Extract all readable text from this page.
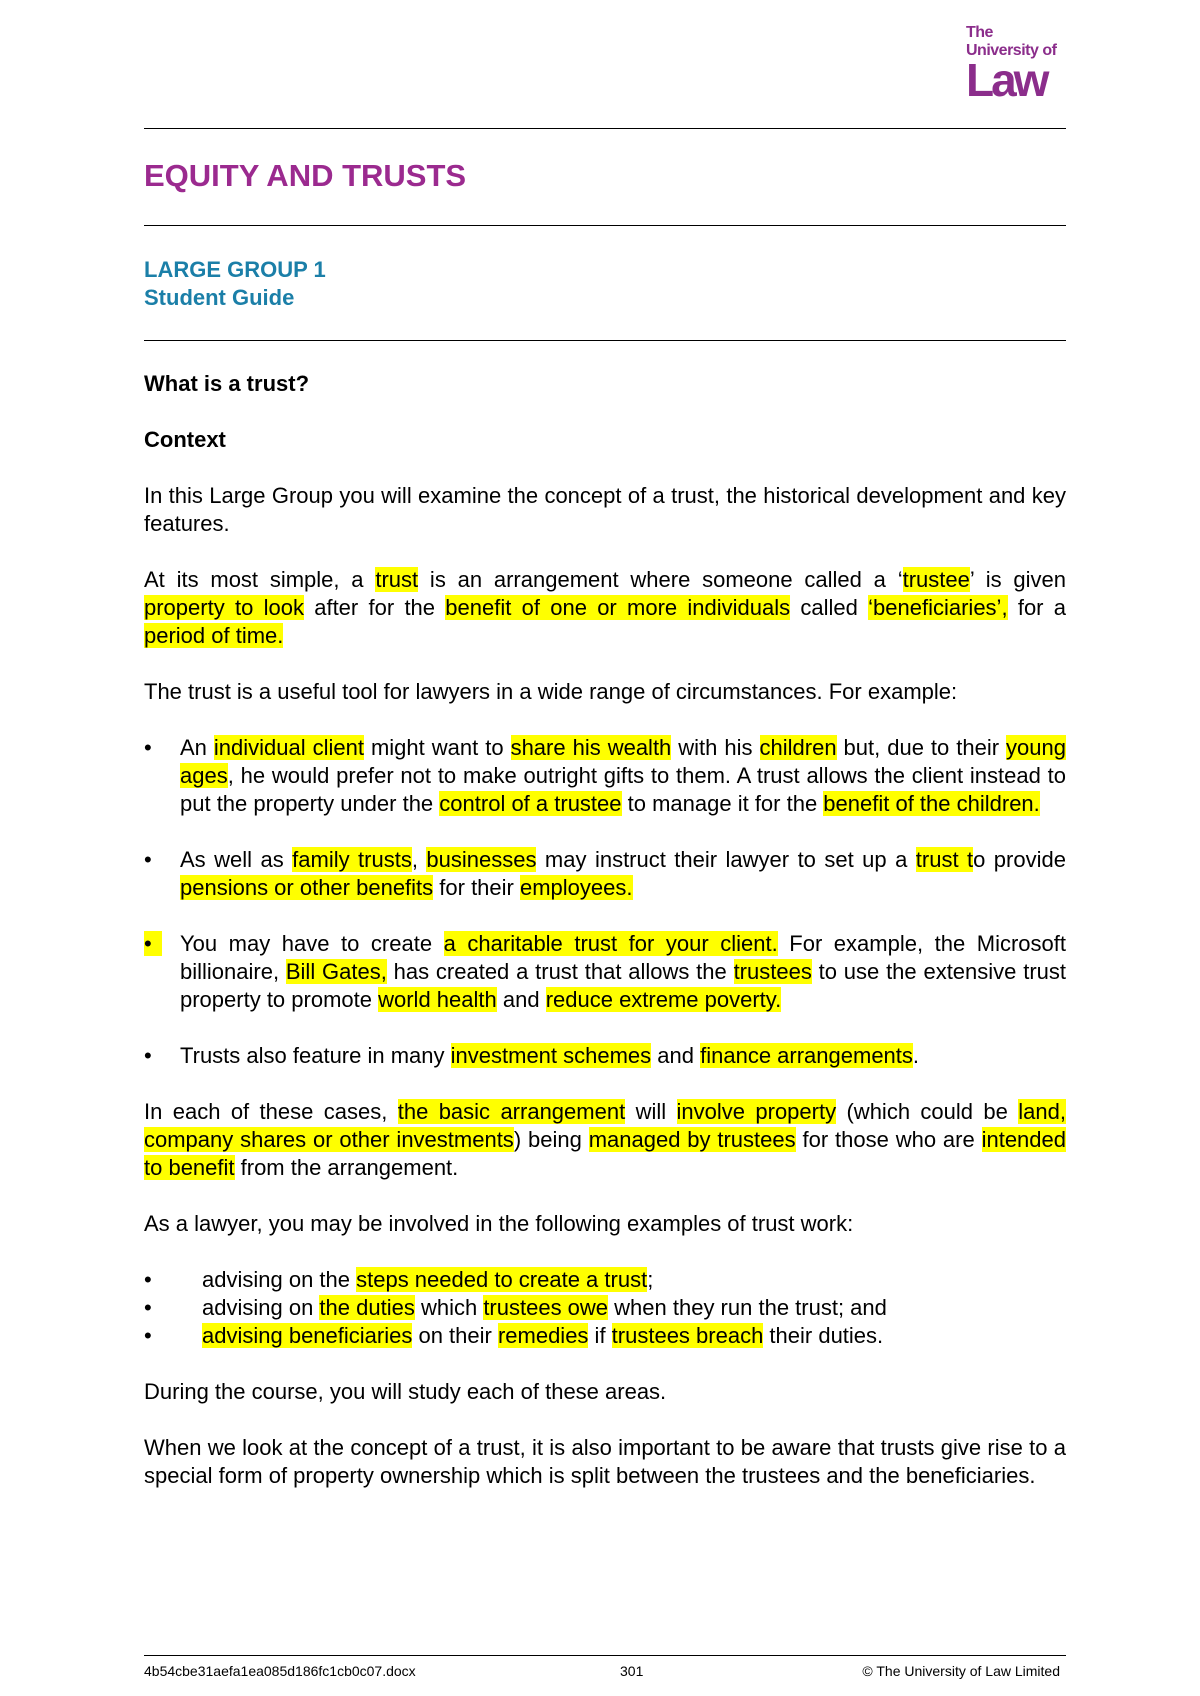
The
University of
Law
EQUITY AND TRUSTS
LARGE GROUP 1
Student Guide
What is a trust?
Context

In this Large Group you will examine the concept of a trust, the historical development and key features.

At its most simple, a trust is an arrangement where someone called a ‘trustee’ is given property to look after for the benefit of one or more individuals called ‘beneficiaries’, for a period of time.

The trust is a useful tool for lawyers in a wide range of circumstances. For example:

•	An individual client might want to share his wealth with his children but, due to their young ages, he would prefer not to make outright gifts to them. A trust allows the client instead to put the property under the control of a trustee to manage it for the benefit of the children.
•	As well as family trusts, businesses may instruct their lawyer to set up a trust to provide pensions or other benefits for their employees.
•	You may have to create a charitable trust for your client. For example, the Microsoft billionaire, Bill Gates, has created a trust that allows the trustees to use the extensive trust property to promote world health and reduce extreme poverty.
•	Trusts also feature in many investment schemes and finance arrangements.

In each of these cases, the basic arrangement will involve property (which could be land, company shares or other investments) being managed by trustees for those who are intended to benefit from the arrangement.

As a lawyer, you may be involved in the following examples of trust work:

• advising on the steps needed to create a trust;
• advising on the duties which trustees owe when they run the trust; and
• advising beneficiaries on their remedies if trustees breach their duties.

During the course, you will study each of these areas.

When we look at the concept of a trust, it is also important to be aware that trusts give rise to a special form of property ownership which is split between the trustees and the beneficiaries.

4b54cbe31aefa1ea085d186fc1cb0c07.docx	301	© The University of Law Limited
